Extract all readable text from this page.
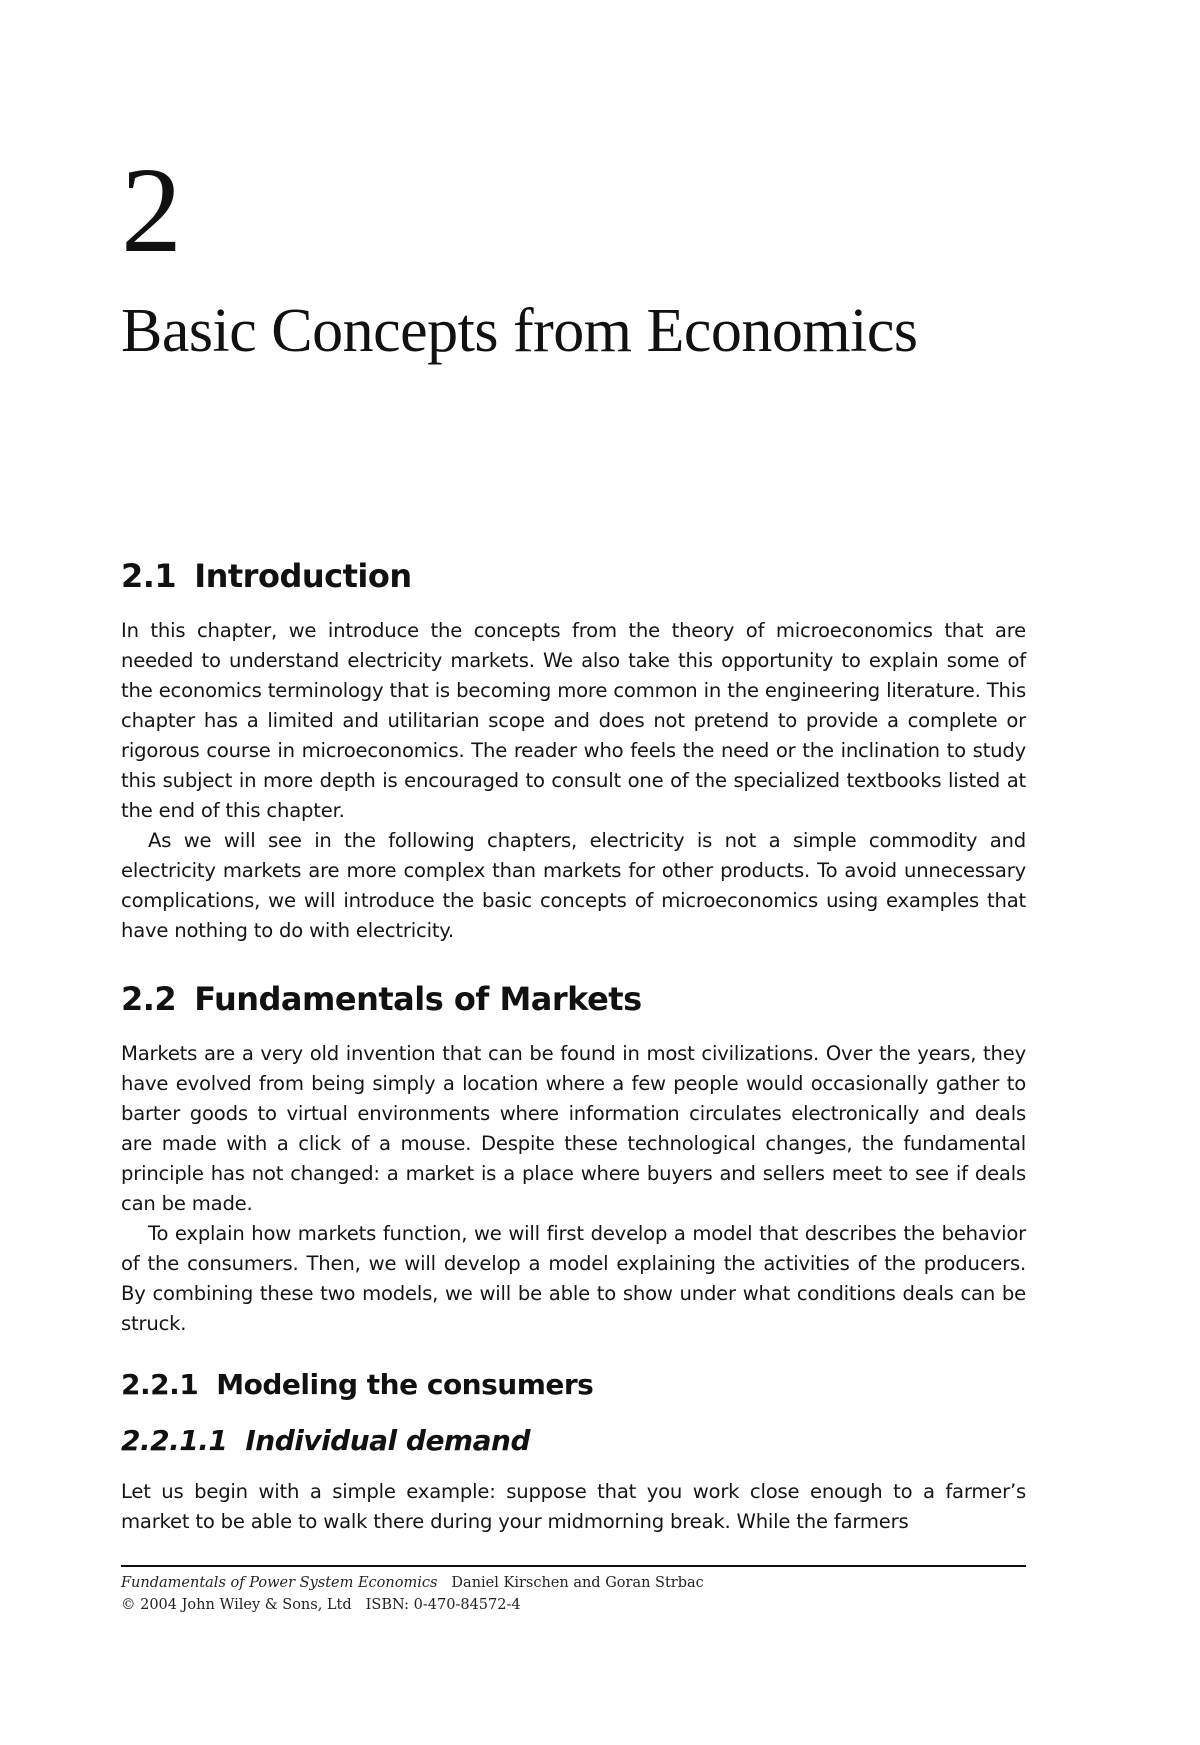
2
Basic Concepts from Economics
2.1 Introduction

In this chapter, we introduce the concepts from the theory of microeconomics that are needed to understand electricity markets. We also take this opportunity to explain some of the economics terminology that is becoming more common in the engineering literature. This chapter has a limited and utilitarian scope and does not pretend to provide a complete or rigorous course in microeconomics. The reader who feels the need or the inclination to study this subject in more depth is encouraged to consult one of the specialized textbooks listed at the end of this chapter.

As we will see in the following chapters, electricity is not a simple commodity and electricity markets are more complex than markets for other products. To avoid unnecessary complications, we will introduce the basic concepts of microeconomics using examples that have nothing to do with electricity.

2.2 Fundamentals of Markets

Markets are a very old invention that can be found in most civilizations. Over the years, they have evolved from being simply a location where a few people would occasionally gather to barter goods to virtual environments where information circulates electronically and deals are made with a click of a mouse. Despite these technological changes, the fundamental principle has not changed: a market is a place where buyers and sellers meet to see if deals can be made.

To explain how markets function, we will first develop a model that describes the behavior of the consumers. Then, we will develop a model explaining the activities of the producers. By combining these two models, we will be able to show under what conditions deals can be struck.

2.2.1 Modeling the consumers
2.2.1.1 Individual demand

Let us begin with a simple example: suppose that you work close enough to a farmer’s market to be able to walk there during your midmorning break. While the farmers

Fundamentals of Power System Economics Daniel Kirschen and Goran Strbac
© 2004 John Wiley & Sons, Ltd ISBN: 0-470-84572-4
